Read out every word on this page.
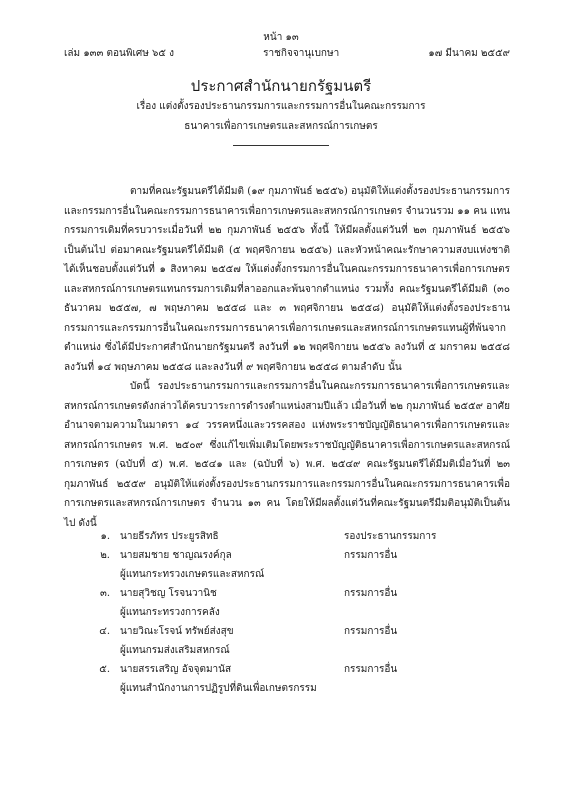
หน้า ๑๓
เล่ม ๑๓๓ ตอนพิเศษ ๖๕ ง	ราชกิจจานุเบกษา	๑๗ มีนาคม ๒๕๕๙
ประกาศสำนักนายกรัฐมนตรี
เรื่อง แต่งตั้งรองประธานกรรมการและกรรมการอื่นในคณะกรรมการ
ธนาคารเพื่อการเกษตรและสหกรณ์การเกษตร
ตามที่คณะรัฐมนตรีได้มีมติ (๑๙ กุมภาพันธ์ ๒๕๕๖) อนุมัติให้แต่งตั้งรองประธานกรรมการและกรรมการอื่นในคณะกรรมการธนาคารเพื่อการเกษตรและสหกรณ์การเกษตร จำนวนรวม ๑๑ คน แทนกรรมการเดิมที่ครบวาระเมื่อวันที่ ๒๒ กุมภาพันธ์ ๒๕๕๖ ทั้งนี้ ให้มีผลตั้งแต่วันที่ ๒๓ กุมภาพันธ์ ๒๕๕๖ เป็นต้นไป ต่อมาคณะรัฐมนตรีได้มีมติ (๕ พฤศจิกายน ๒๕๕๖) และหัวหน้าคณะรักษาความสงบแห่งชาติได้เห็นชอบตั้งแต่วันที่ ๑ สิงหาคม ๒๕๕๗ ให้แต่งตั้งกรรมการอื่นในคณะกรรมการธนาคารเพื่อการเกษตรและสหกรณ์การเกษตรแทนกรรมการเดิมที่ลาออกและพ้นจากตำแหน่ง รวมทั้ง คณะรัฐมนตรีได้มีมติ (๓๐ ธันวาคม ๒๕๕๗, ๗ พฤษภาคม ๒๕๕๘ และ ๓ พฤศจิกายน ๒๕๕๘) อนุมัติให้แต่งตั้งรองประธานกรรมการและกรรมการอื่นในคณะกรรมการธนาคารเพื่อการเกษตรและสหกรณ์การเกษตรแทนผู้ที่พ้นจากตำแหน่ง ซึ่งได้มีประกาศสำนักนายกรัฐมนตรี ลงวันที่ ๑๒ พฤศจิกายน ๒๕๕๖ ลงวันที่ ๕ มกราคม ๒๕๕๘ ลงวันที่ ๑๔ พฤษภาคม ๒๕๕๘ และลงวันที่ ๙ พฤศจิกายน ๒๕๕๘ ตามลำดับ นั้น
บัดนี้ รองประธานกรรมการและกรรมการอื่นในคณะกรรมการธนาคารเพื่อการเกษตรและสหกรณ์การเกษตรดังกล่าวได้ครบวาระการดำรงตำแหน่งสามปีแล้ว เมื่อวันที่ ๒๒ กุมภาพันธ์ ๒๕๕๙ อาศัยอำนาจตามความในมาตรา ๑๔ วรรคหนึ่งและวรรคสอง แห่งพระราชบัญญัติธนาคารเพื่อการเกษตรและสหกรณ์การเกษตร พ.ศ. ๒๕๐๙ ซึ่งแก้ไขเพิ่มเติมโดยพระราชบัญญัติธนาคารเพื่อการเกษตรและสหกรณ์การเกษตร (ฉบับที่ ๕) พ.ศ. ๒๕๔๑ และ (ฉบับที่ ๖) พ.ศ. ๒๕๔๙ คณะรัฐมนตรีได้มีมติเมื่อวันที่ ๒๓ กุมภาพันธ์ ๒๕๕๙ อนุมัติให้แต่งตั้งรองประธานกรรมการและกรรมการอื่นในคณะกรรมการธนาคารเพื่อการเกษตรและสหกรณ์การเกษตร จำนวน ๑๓ คน โดยให้มีผลตั้งแต่วันที่คณะรัฐมนตรีมีมติอนุมัติเป็นต้นไป ดังนี้
๑. นายธีรภัทร ประยูรสิทธิ	รองประธานกรรมการ
๒. นายสมชาย ชาญณรงค์กุล	กรรมการอื่น
ผู้แทนกระทรวงเกษตรและสหกรณ์
๓. นายสุวิชญ โรจนวานิช	กรรมการอื่น
ผู้แทนกระทรวงการคลัง
๔. นายวิณะโรจน์ ทรัพย์ส่งสุข	กรรมการอื่น
ผู้แทนกรมส่งเสริมสหกรณ์
๕. นายสรรเสริญ อัจจุตมานัส	กรรมการอื่น
ผู้แทนสำนักงานการปฏิรูปที่ดินเพื่อเกษตรกรรม
